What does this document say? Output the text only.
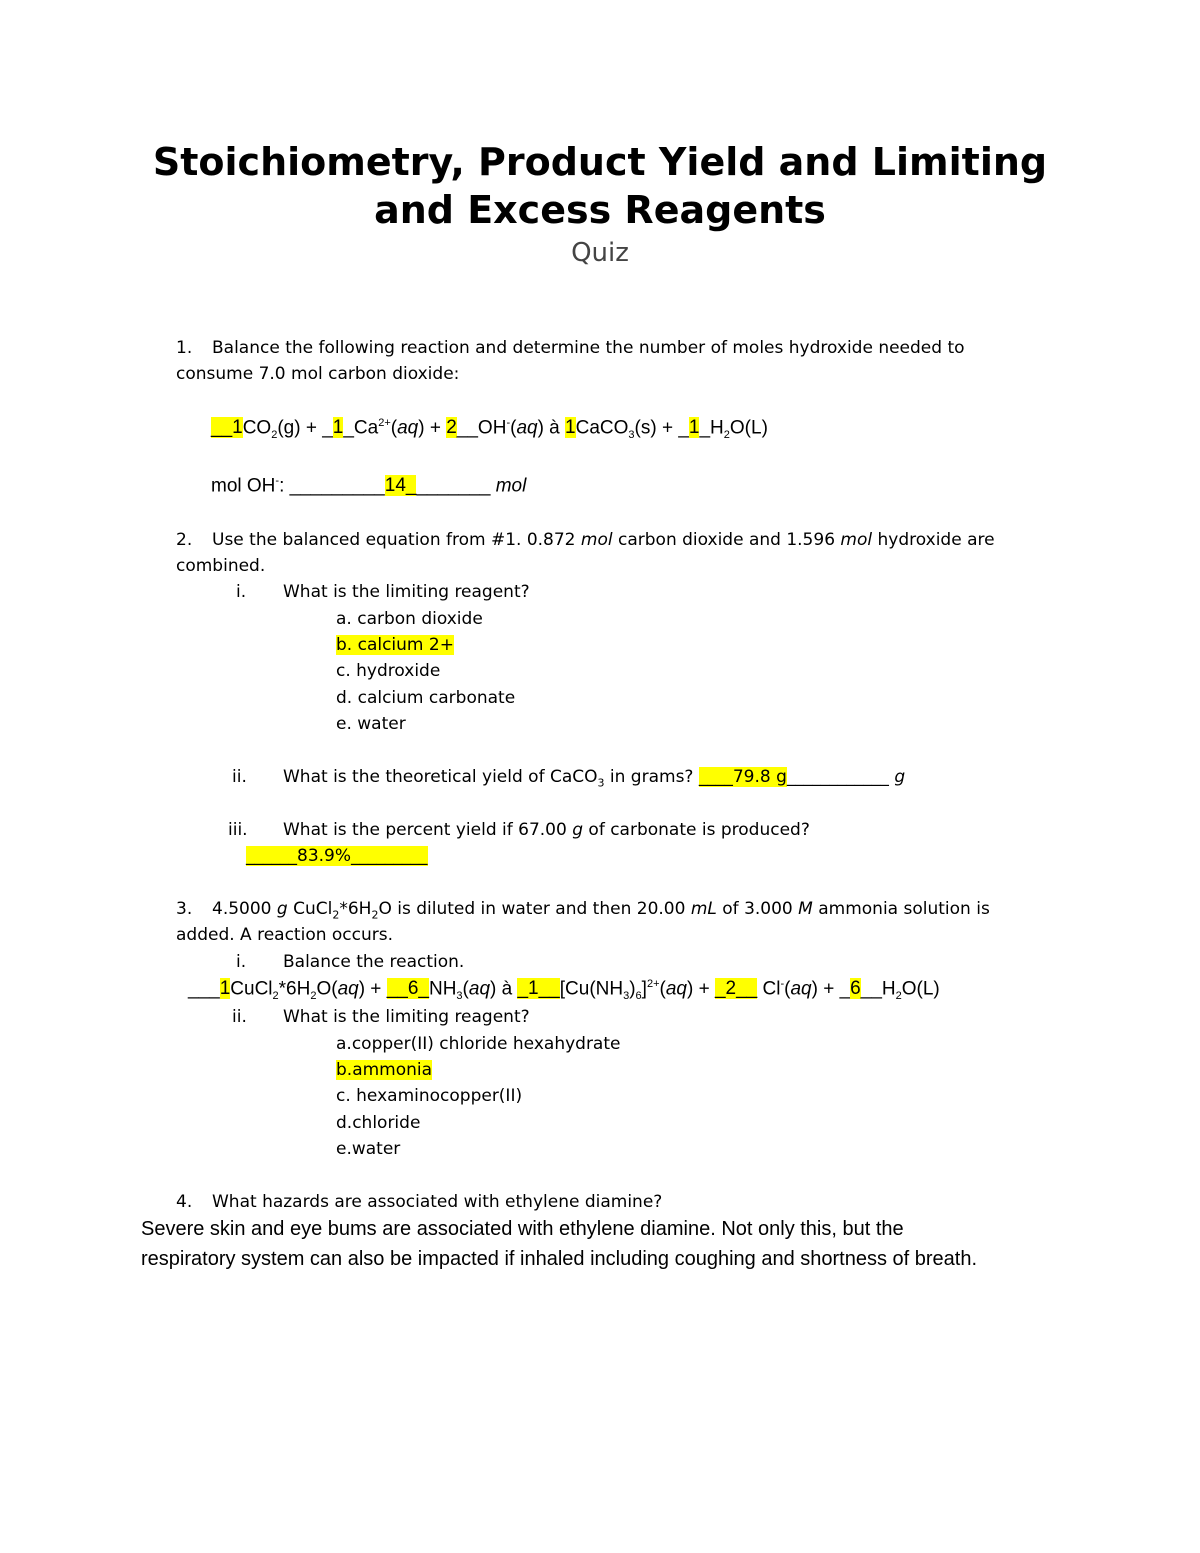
Stoichiometry, Product Yield and Limiting
and Excess Reagents
Quiz
1. Balance the following reaction and determine the number of moles hydroxide needed to
consume 7.0 mol carbon dioxide:
$\_\_1CO_2(g)$ + $\_1\_Ca^{2+}(aq)$ + 2__OH-(aq) à 1CaCO$_3$(s) + $\_1\_H_2O(L)$
mol OH-: _________14________ mol
2. Use the balanced equation from #1. 0.872 mol carbon dioxide and 1.596 mol hydroxide are
combined.
i. What is the limiting reagent?
a. carbon dioxide
b. calcium 2+
c. hydroxide
d. calcium carbonate
e. water
ii. What is the theoretical yield of CaCO$_3$ in grams? ____79.8 g____________ g
iii. What is the percent yield if 67.00 g of carbonate is produced?
______83.9%_________
3. 4.5000 g $CuCl_2*6H_2O$ is diluted in water and then 20.00 mL of 3.000 M ammonia solution is
added. A reaction occurs.
i. Balance the reaction.
$\_\_\_1CuCl_2*6H_2O(aq)$ + $\_\_6\_NH_3(aq)$ à $\_1\_\_[Cu(NH_3)_6]^{2+}(aq)$ + _2__ $Cl^-(aq) + \_6\_\_H_2O(L)$
ii. What is the limiting reagent?
a.copper(II) chloride hexahydrate
b.ammonia
c. hexaminocopper(II)
d.chloride
e.water
4. What hazards are associated with ethylene diamine?
Severe skin and eye bums are associated with ethylene diamine. Not only this, but the
respiratory system can also be impacted if inhaled including coughing and shortness of breath.
